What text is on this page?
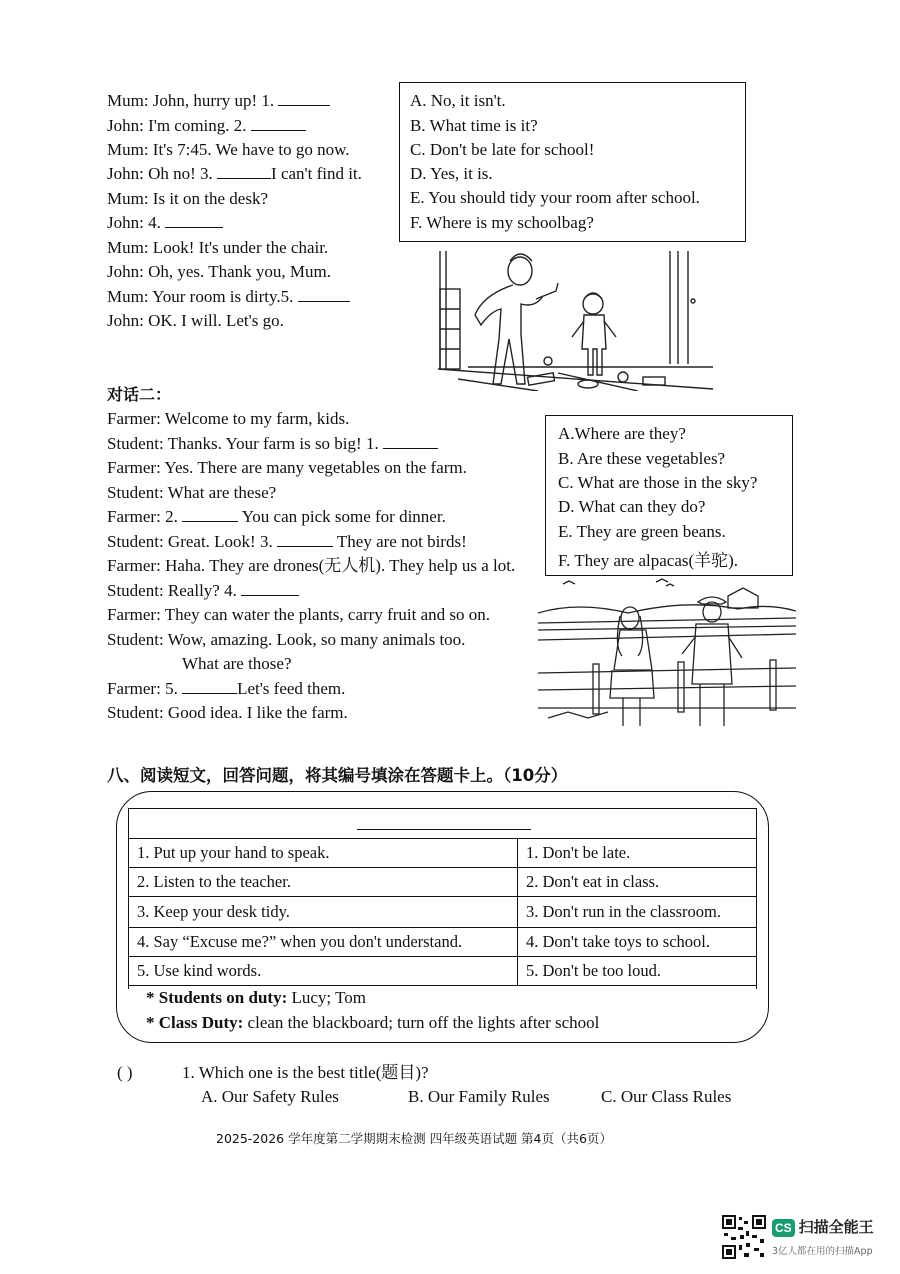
Mum: John, hurry up! 1.
John: I'm coming. 2.
Mum: It's 7:45. We have to go now.
John: Oh no! 3.	I can't find it.
Mum: Is it on the desk?
John: 4.
Mum: Look! It's under the chair.
John: Oh, yes. Thank you, Mum.
Mum: Your room is dirty.5.
John: OK. I will. Let's go.
A. No, it isn't.
B. What time is it?
C. Don't be late for school!
D. Yes, it is.
E. You should tidy your room after school.
F. Where is my schoolbag?
对话二：
Farmer: Welcome to my farm, kids.
Student: Thanks. Your farm is so big! 1.
Farmer: Yes. There are many vegetables on the farm.
Student: What are these?
Farmer: 2.	You can pick some for dinner.
Student: Great. Look! 3.	They are not birds!
Farmer: Haha. They are drones(无人机). They help us a lot.
Student: Really? 4.
Farmer: They can water the plants, carry fruit and so on.
Student: Wow, amazing. Look, so many animals too.
What are those?
Farmer: 5.	Let's feed them.
Student: Good idea. I like the farm.
A.Where are they?
B. Are these vegetables?
C. What are those in the sky?
D. What can they do?
E. They are green beans.
F. They are alpacas(羊驼).
八、阅读短文，回答问题，将其编号填涂在答题卡上。（10分）
1. Put up your hand to speak.	1. Don't be late.
2. Listen to the teacher.	2. Don't eat in class.
3. Keep your desk tidy.	3. Don't run in the classroom.
4. Say “Excuse me?” when you don't understand.	4. Don't take toys to school.
5. Use kind words.	5. Don't be too loud.
* Students on duty: Lucy; Tom
* Class Duty: clean the blackboard; turn off the lights after school
( )	1. Which one is the best title(题目)?
A. Our Safety Rules	B. Our Family Rules	C. Our Class Rules
2025-2026 学年度第二学期期末检测 四年级英语试题 第4页（共6页）
CS 扫描全能王
3亿人都在用的扫描App
